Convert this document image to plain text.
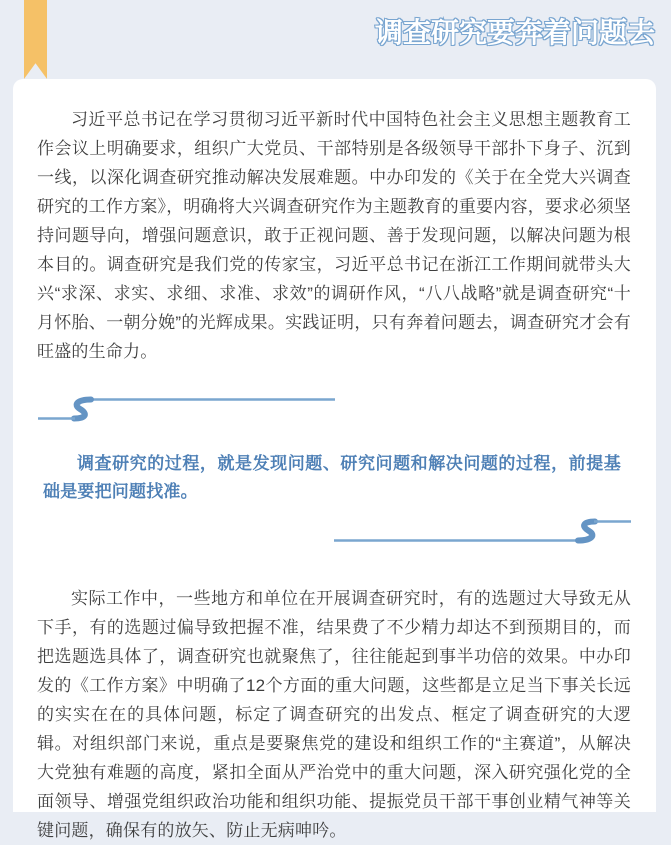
调查研究要奔着问题去

习近平总书记在学习贯彻习近平新时代中国特色社会主义思想主题教育工作会议上明确要求，组织广大党员、干部特别是各级领导干部扑下身子、沉到一线，以深化调查研究推动解决发展难题。中办印发的《关于在全党大兴调查研究的工作方案》，明确将大兴调查研究作为主题教育的重要内容，要求必须坚持问题导向，增强问题意识，敢于正视问题、善于发现问题，以解决问题为根本目的。调查研究是我们党的传家宝，习近平总书记在浙江工作期间就带头大兴“求深、求实、求细、求准、求效”的调研作风，“八八战略”就是调查研究“十月怀胎、一朝分娩”的光辉成果。实践证明，只有奔着问题去，调查研究才会有旺盛的生命力。

调查研究的过程，就是发现问题、研究问题和解决问题的过程，前提基础是要把问题找准。

实际工作中，一些地方和单位在开展调查研究时，有的选题过大导致无从下手，有的选题过偏导致把握不准，结果费了不少精力却达不到预期目的，而把选题选具体了，调查研究也就聚焦了，往往能起到事半功倍的效果。中办印发的《工作方案》中明确了12个方面的重大问题，这些都是立足当下事关长远的实实在在的具体问题，标定了调查研究的出发点、框定了调查研究的大逻辑。对组织部门来说，重点是要聚焦党的建设和组织工作的“主赛道”，从解决大党独有难题的高度，紧扣全面从严治党中的重大问题，深入研究强化党的全面领导、增强党组织政治功能和组织功能、提振党员干部干事创业精气神等关键问题，确保有的放矢、防止无病呻吟。
